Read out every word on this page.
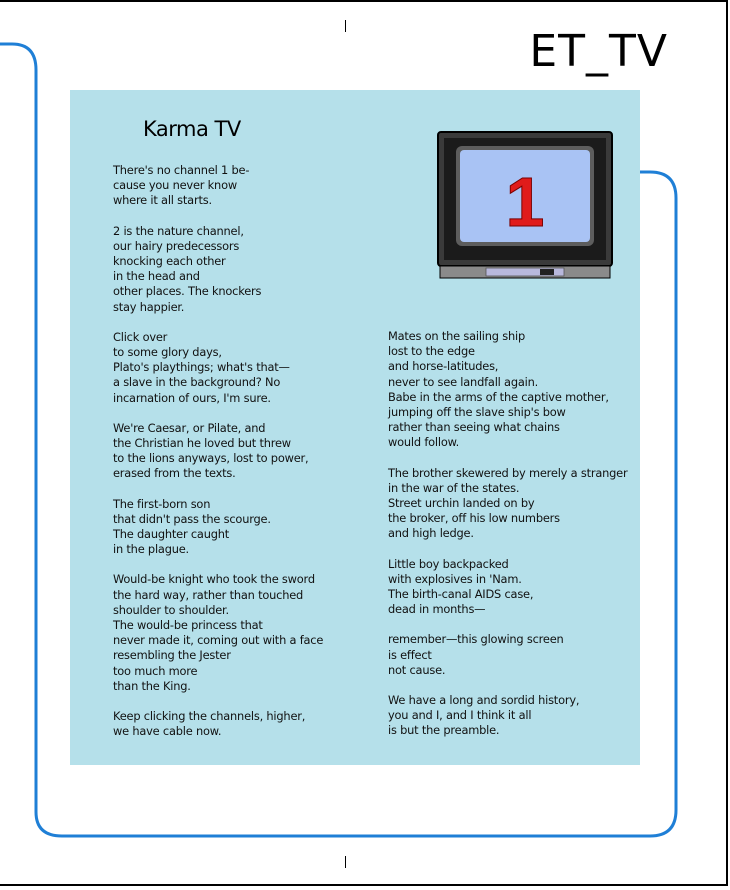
ET_TV
Karma TV
There's no channel 1 be-
cause you never know
where it all starts.
2 is the nature channel,
our hairy predecessors
knocking each other
in the head and
other places. The knockers
stay happier.
Click over
to some glory days,
Plato's playthings; what's that—
a slave in the background? No
incarnation of ours, I'm sure.
We're Caesar, or Pilate, and
the Christian he loved but threw
to the lions anyways, lost to power,
erased from the texts.
The first-born son
that didn't pass the scourge.
The daughter caught
in the plague.
Would-be knight who took the sword
the hard way, rather than touched
shoulder to shoulder.
The would-be princess that
never made it, coming out with a face
resembling the Jester
too much more
than the King.
Keep clicking the channels, higher,
we have cable now.
Mates on the sailing ship
lost to the edge
and horse-latitudes,
never to see landfall again.
Babe in the arms of the captive mother,
jumping off the slave ship's bow
rather than seeing what chains
would follow.
The brother skewered by merely a stranger
in the war of the states.
Street urchin landed on by
the broker, off his low numbers
and high ledge.
Little boy backpacked
with explosives in 'Nam.
The birth-canal AIDS case,
dead in months—
remember—this glowing screen
is effect
not cause.
We have a long and sordid history,
you and I, and I think it all
is but the preamble.
1
